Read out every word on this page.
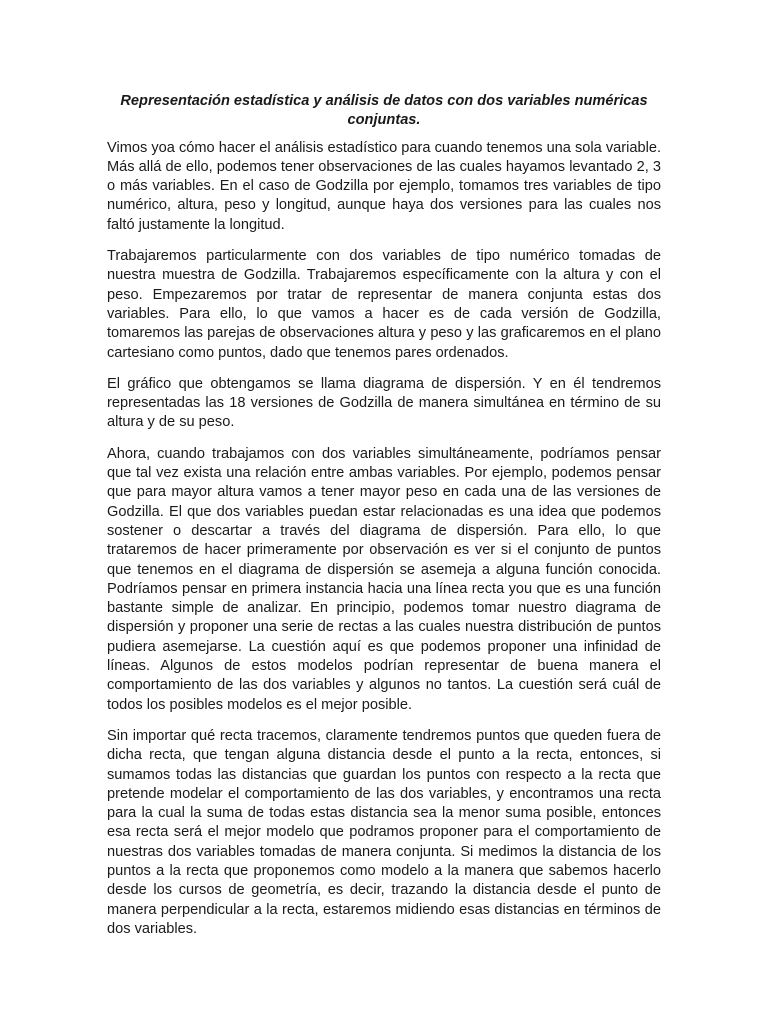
Representación estadística y análisis de datos con dos variables numéricas conjuntas.

Vimos yoa cómo hacer el análisis estadístico para cuando tenemos una sola variable. Más allá de ello, podemos tener observaciones de las cuales hayamos levantado 2, 3 o más variables. En el caso de Godzilla por ejemplo, tomamos tres variables de tipo numérico, altura, peso y longitud, aunque haya dos versiones para las cuales nos faltó justamente la longitud.

Trabajaremos particularmente con dos variables de tipo numérico tomadas de nuestra muestra de Godzilla. Trabajaremos específicamente con la altura y con el peso. Empezaremos por tratar de representar de manera conjunta estas dos variables. Para ello, lo que vamos a hacer es de cada versión de Godzilla, tomaremos las parejas de observaciones altura y peso y las graficaremos en el plano cartesiano como puntos, dado que tenemos pares ordenados.

El gráfico que obtengamos se llama diagrama de dispersión. Y en él tendremos representadas las 18 versiones de Godzilla de manera simultánea en término de su altura y de su peso.

Ahora, cuando trabajamos con dos variables simultáneamente, podríamos pensar que tal vez exista una relación entre ambas variables. Por ejemplo, podemos pensar que para mayor altura vamos a tener mayor peso en cada una de las versiones de Godzilla. El que dos variables puedan estar relacionadas es una idea que podemos sostener o descartar a través del diagrama de dispersión. Para ello, lo que trataremos de hacer primeramente por observación es ver si el conjunto de puntos que tenemos en el diagrama de dispersión se asemeja a alguna función conocida. Podríamos pensar en primera instancia hacia una línea recta you que es una función bastante simple de analizar. En principio, podemos tomar nuestro diagrama de dispersión y proponer una serie de rectas a las cuales nuestra distribución de puntos pudiera asemejarse. La cuestión aquí es que podemos proponer una infinidad de líneas. Algunos de estos modelos podrían representar de buena manera el comportamiento de las dos variables y algunos no tantos. La cuestión será cuál de todos los posibles modelos es el mejor posible.

Sin importar qué recta tracemos, claramente tendremos puntos que queden fuera de dicha recta, que tengan alguna distancia desde el punto a la recta, entonces, si sumamos todas las distancias que guardan los puntos con respecto a la recta que pretende modelar el comportamiento de las dos variables, y encontramos una recta para la cual la suma de todas estas distancia sea la menor suma posible, entonces esa recta será el mejor modelo que podramos proponer para el comportamiento de nuestras dos variables tomadas de manera conjunta. Si medimos la distancia de los puntos a la recta que proponemos como modelo a la manera que sabemos hacerlo desde los cursos de geometría, es decir, trazando la distancia desde el punto de manera perpendicular a la recta, estaremos midiendo esas distancias en términos de dos variables.
